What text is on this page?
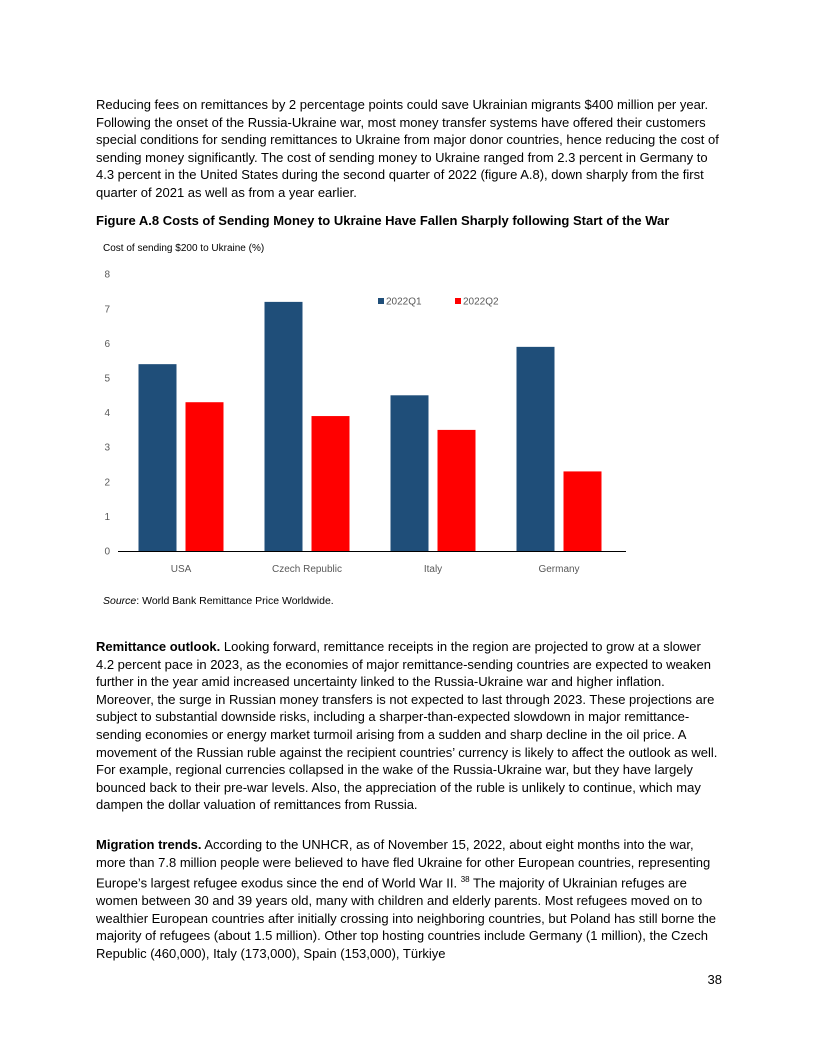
Reducing fees on remittances by 2 percentage points could save Ukrainian migrants $400 million per year. Following the onset of the Russia-Ukraine war, most money transfer systems have offered their customers special conditions for sending remittances to Ukraine from major donor countries, hence reducing the cost of sending money significantly. The cost of sending money to Ukraine ranged from 2.3 percent in Germany to 4.3 percent in the United States during the second quarter of 2022 (figure A.8), down sharply from the first quarter of 2021 as well as from a year earlier.

Figure A.8 Costs of Sending Money to Ukraine Have Fallen Sharply following Start of the War

Cost of sending $200 to Ukraine (%)
0
1
2
3
4
5
6
7
8
USA	Czech Republic	Italy	Germany
2022Q1	2022Q2

Source: World Bank Remittance Price Worldwide.

Remittance outlook. Looking forward, remittance receipts in the region are projected to grow at a slower 4.2 percent pace in 2023, as the economies of major remittance-sending countries are expected to weaken further in the year amid increased uncertainty linked to the Russia-Ukraine war and higher inflation. Moreover, the surge in Russian money transfers is not expected to last through 2023. These projections are subject to substantial downside risks, including a sharper-than-expected slowdown in major remittance-sending economies or energy market turmoil arising from a sudden and sharp decline in the oil price. A movement of the Russian ruble against the recipient countries’ currency is likely to affect the outlook as well. For example, regional currencies collapsed in the wake of the Russia-Ukraine war, but they have largely bounced back to their pre-war levels. Also, the appreciation of the ruble is unlikely to continue, which may dampen the dollar valuation of remittances from Russia.

Migration trends. According to the UNHCR, as of November 15, 2022, about eight months into the war, more than 7.8 million people were believed to have fled Ukraine for other European countries, representing Europe’s largest refugee exodus since the end of World War II. $^{38}$ The majority of Ukrainian refuges are women between 30 and 39 years old, many with children and elderly parents. Most refugees moved on to wealthier European countries after initially crossing into neighboring countries, but Poland has still borne the majority of refugees (about 1.5 million). Other top hosting countries include Germany (1 million), the Czech Republic (460,000), Italy (173,000), Spain (153,000), Türkiye

38
